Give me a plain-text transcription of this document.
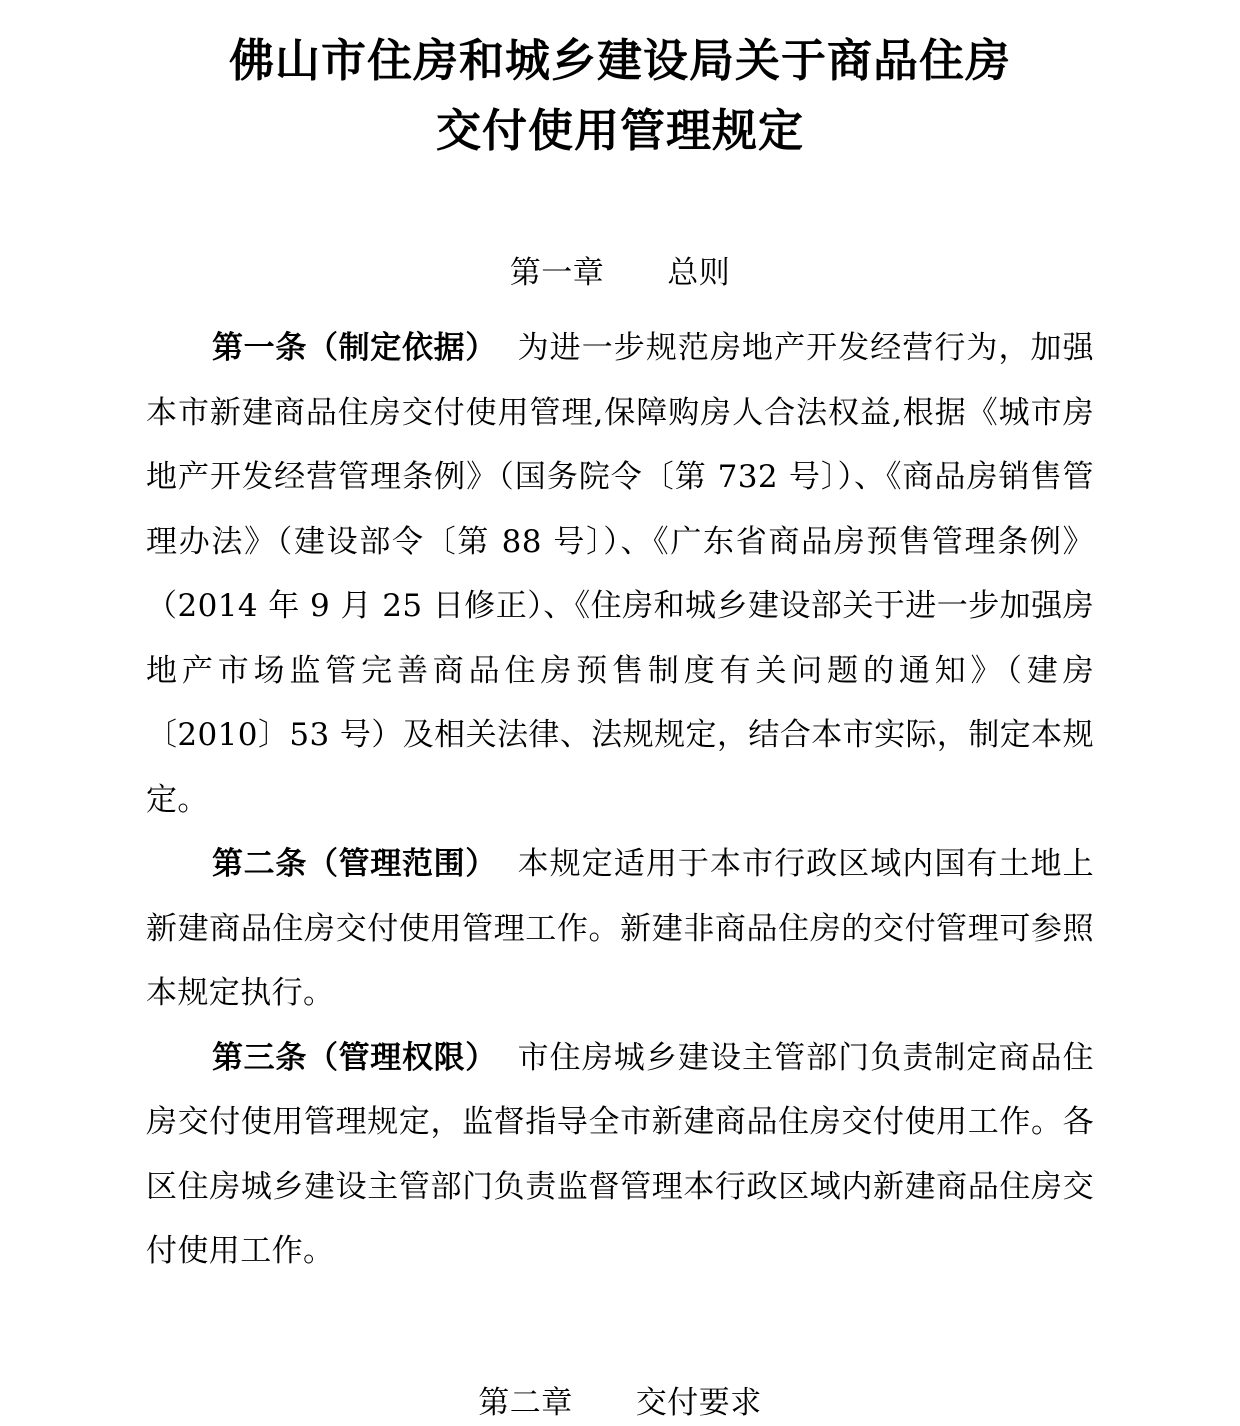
佛山市住房和城乡建设局关于商品住房
交付使用管理规定
第一章　　总则

第一条（制定依据） 为进一步规范房地产开发经营行为，加强本市新建商品住房交付使用管理,保障购房人合法权益,根据《城市房地产开发经营管理条例》（国务院令〔第 732 号〕）、《商品房销售管理办法》（建设部令〔第 88 号〕）、《广东省商品房预售管理条例》（2014 年 9 月 25 日修正）、《住房和城乡建设部关于进一步加强房地产市场监管完善商品住房预售制度有关问题的通知》（建房〔2010〕53 号）及相关法律、法规规定，结合本市实际，制定本规定。

第二条（管理范围） 本规定适用于本市行政区域内国有土地上新建商品住房交付使用管理工作。新建非商品住房的交付管理可参照本规定执行。

第三条（管理权限） 市住房城乡建设主管部门负责制定商品住房交付使用管理规定，监督指导全市新建商品住房交付使用工作。各区住房城乡建设主管部门负责监督管理本行政区域内新建商品住房交付使用工作。

第二章　　交付要求
